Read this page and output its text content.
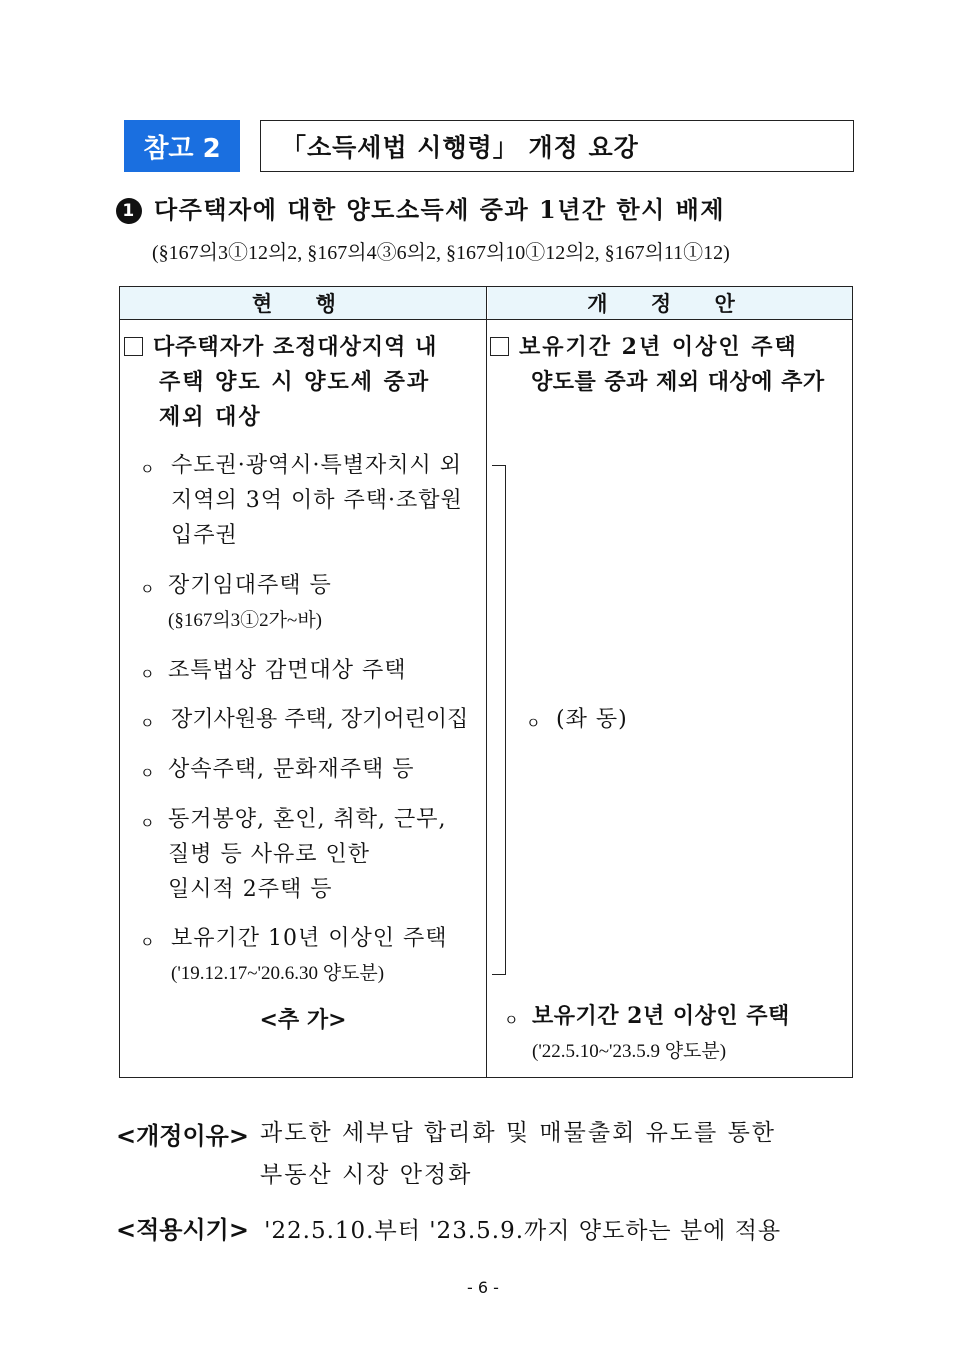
참고 2	「소득세법 시행령」 개정 요강
1 다주택자에 대한 양도소득세 중과 1년간 한시 배제
(§167의3①12의2, §167의4③6의2, §167의10①12의2, §167의11①12)
현 행	개 정 안
다주택자가 조정대상지역 내
주택 양도 시 양도세 중과
제외 대상
ㅇ 수도권·광역시·특별자치시 외
지역의 3억 이하 주택·조합원
입주권
ㅇ 장기임대주택 등
(§167의3①2가~바)
ㅇ 조특법상 감면대상 주택
ㅇ 장기사원용 주택, 장기어린이집
ㅇ 상속주택, 문화재주택 등
ㅇ 동거봉양, 혼인, 취학, 근무,
질병 등 사유로 인한
일시적 2주택 등
ㅇ 보유기간 10년 이상인 주택
('19.12.17~'20.6.30 양도분)
<추 가>
보유기간 2년 이상인 주택
양도를 중과 제외 대상에 추가
ㅇ (좌 동)
ㅇ 보유기간 2년 이상인 주택
('22.5.10~'23.5.9 양도분)
<개정이유> 과도한 세부담 합리화 및 매물출회 유도를 통한
부동산 시장 안정화
<적용시기> '22.5.10.부터 '23.5.9.까지 양도하는 분에 적용
- 6 -
